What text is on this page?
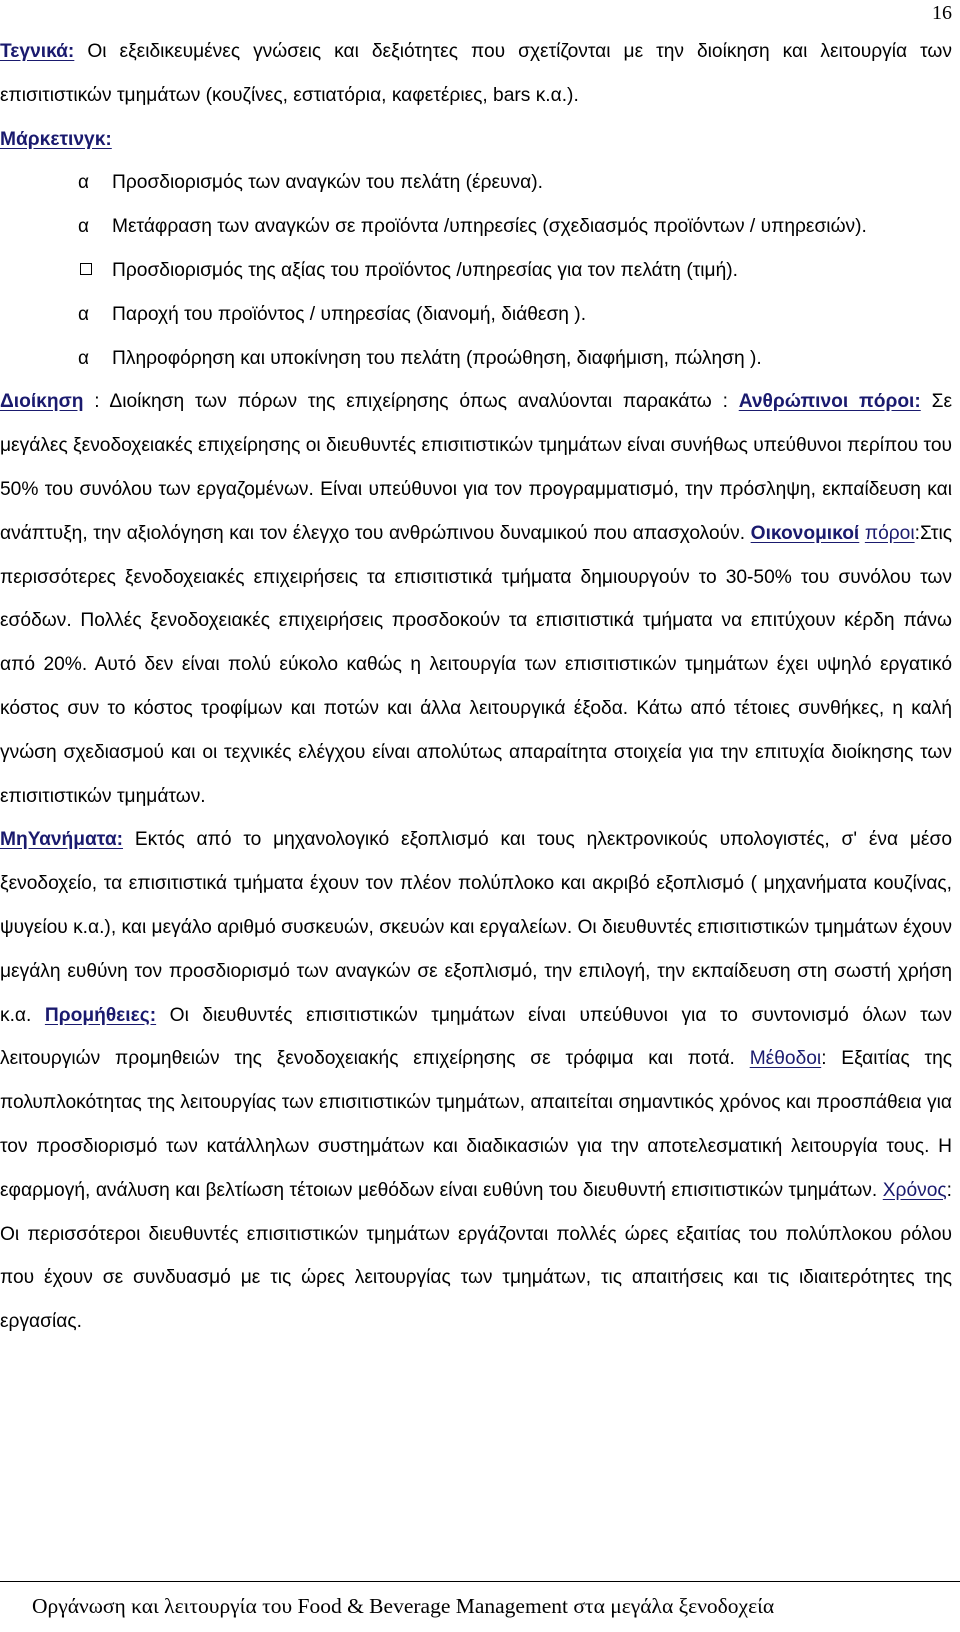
16

Τεγνικά: Οι εξειδικευμένες γνώσεις και δεξιότητες που σχετίζονται με την διοίκηση και λειτουργία των επισιτιστικών τμημάτων (κουζίνες, εστιατόρια, καφετέριες, bars κ.α.).

Μάρκετινγκ:

α Προσδιορισμός των αναγκών του πελάτη (έρευνα).
α Μετάφραση των αναγκών σε προϊόντα /υπηρεσίες (σχεδιασμός προϊόντων / υπηρεσιών).
Προσδιορισμός της αξίας του προϊόντος /υπηρεσίας για τον πελάτη (τιμή).
α Παροχή του προϊόντος / υπηρεσίας (διανομή, διάθεση ).
α Πληροφόρηση και υποκίνηση του πελάτη (προώθηση, διαφήμιση, πώληση ).

Διοίκηση : Διοίκηση των πόρων της επιχείρησης όπως αναλύονται παρακάτω : Ανθρώπινοι πόροι: Σε μεγάλες ξενοδοχειακές επιχείρησης οι διευθυντές επισιτιστικών τμημάτων είναι συνήθως υπεύθυνοι περίπου του 50% του συνόλου των εργαζομένων. Είναι υπεύθυνοι για τον προγραμματισμό, την πρόσληψη, εκπαίδευση και ανάπτυξη, την αξιολόγηση και τον έλεγχο του ανθρώπινου δυναμικού που απασχολούν. Οικονομικοί πόροι:Στις περισσότερες ξενοδοχειακές επιχειρήσεις τα επισιτιστικά τμήματα δημιουργούν το 30-50% του συνόλου των εσόδων. Πολλές ξενοδοχειακές επιχειρήσεις προσδοκούν τα επισιτιστικά τμήματα να επιτύχουν κέρδη πάνω από 20%. Αυτό δεν είναι πολύ εύκολο καθώς η λειτουργία των επισιτιστικών τμημάτων έχει υψηλό εργατικό κόστος συν το κόστος τροφίμων και ποτών και άλλα λειτουργικά έξοδα. Κάτω από τέτοιες συνθήκες, η καλή γνώση σχεδιασμού και οι τεχνικές ελέγχου είναι απολύτως απαραίτητα στοιχεία για την επιτυχία διοίκησης των επισιτιστικών τμημάτων.

ΜηΥανήματα: Εκτός από το μηχανολογικό εξοπλισμό και τους ηλεκτρονικούς υπολογιστές, σ' ένα μέσο ξενοδοχείο, τα επισιτιστικά τμήματα έχουν τον πλέον πολύπλοκο και ακριβό εξοπλισμό ( μηχανήματα κουζίνας, ψυγείου κ.α.), και μεγάλο αριθμό συσκευών, σκευών και εργαλείων. Οι διευθυντές επισιτιστικών τμημάτων έχουν μεγάλη ευθύνη τον προσδιορισμό των αναγκών σε εξοπλισμό, την επιλογή, την εκπαίδευση στη σωστή χρήση κ.α. Προμήθειες: Οι διευθυντές επισιτιστικών τμημάτων είναι υπεύθυνοι για το συντονισμό όλων των λειτουργιών προμηθειών της ξενοδοχειακής επιχείρησης σε τρόφιμα και ποτά. Μέθοδοι: Εξαιτίας της πολυπλοκότητας της λειτουργίας των επισιτιστικών τμημάτων, απαιτείται σημαντικός χρόνος και προσπάθεια για τον προσδιορισμό των κατάλληλων συστημάτων και διαδικασιών για την αποτελεσματική λειτουργία τους. Η εφαρμογή, ανάλυση και βελτίωση τέτοιων μεθόδων είναι ευθύνη του διευθυντή επισιτιστικών τμημάτων. Χρόνος: Οι περισσότεροι διευθυντές επισιτιστικών τμημάτων εργάζονται πολλές ώρες εξαιτίας του πολύπλοκου ρόλου που έχουν σε συνδυασμό με τις ώρες λειτουργίας των τμημάτων, τις απαιτήσεις και τις ιδιαιτερότητες της εργασίας.

Οργάνωση και λειτουργία του Food & Beverage Management στα μεγάλα ξενοδοχεία
